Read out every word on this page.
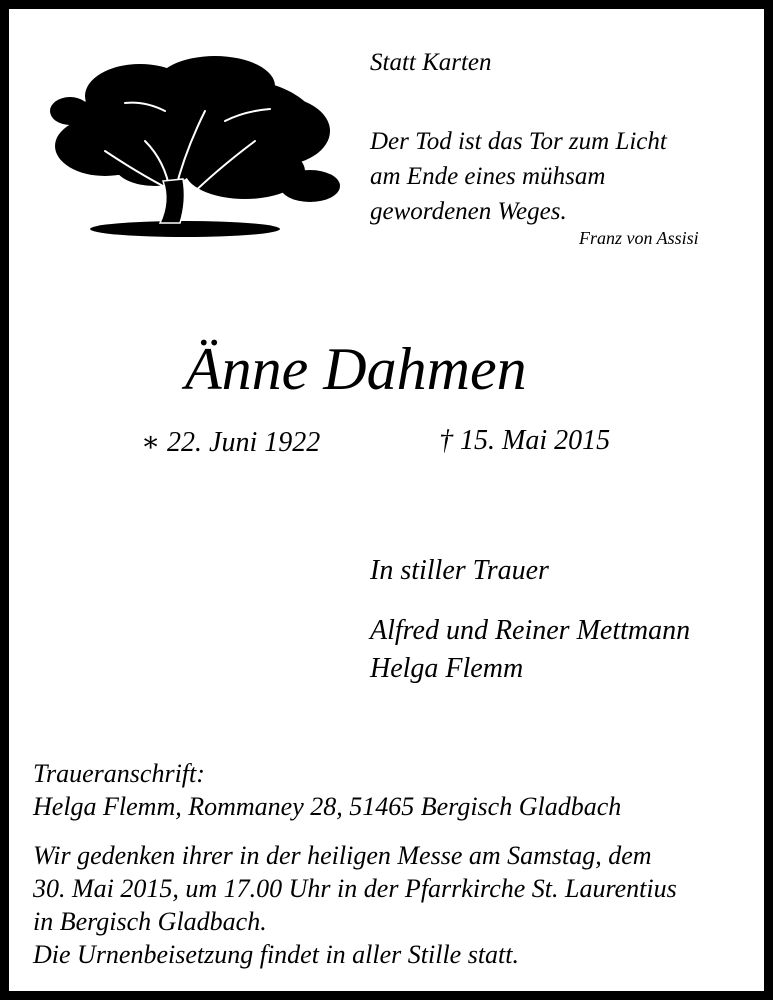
Statt Karten
Der Tod ist das Tor zum Licht
am Ende eines mühsam
gewordenen Weges.
Franz von Assisi
Änne Dahmen
∗ 22. Juni 1922	† 15. Mai 2015
In stiller Trauer
Alfred und Reiner Mettmann
Helga Flemm
Traueranschrift:
Helga Flemm, Rommaney 28, 51465 Bergisch Gladbach
Wir gedenken ihrer in der heiligen Messe am Samstag, dem
30. Mai 2015, um 17.00 Uhr in der Pfarrkirche St. Laurentius
in Bergisch Gladbach.
Die Urnenbeisetzung findet in aller Stille statt.
